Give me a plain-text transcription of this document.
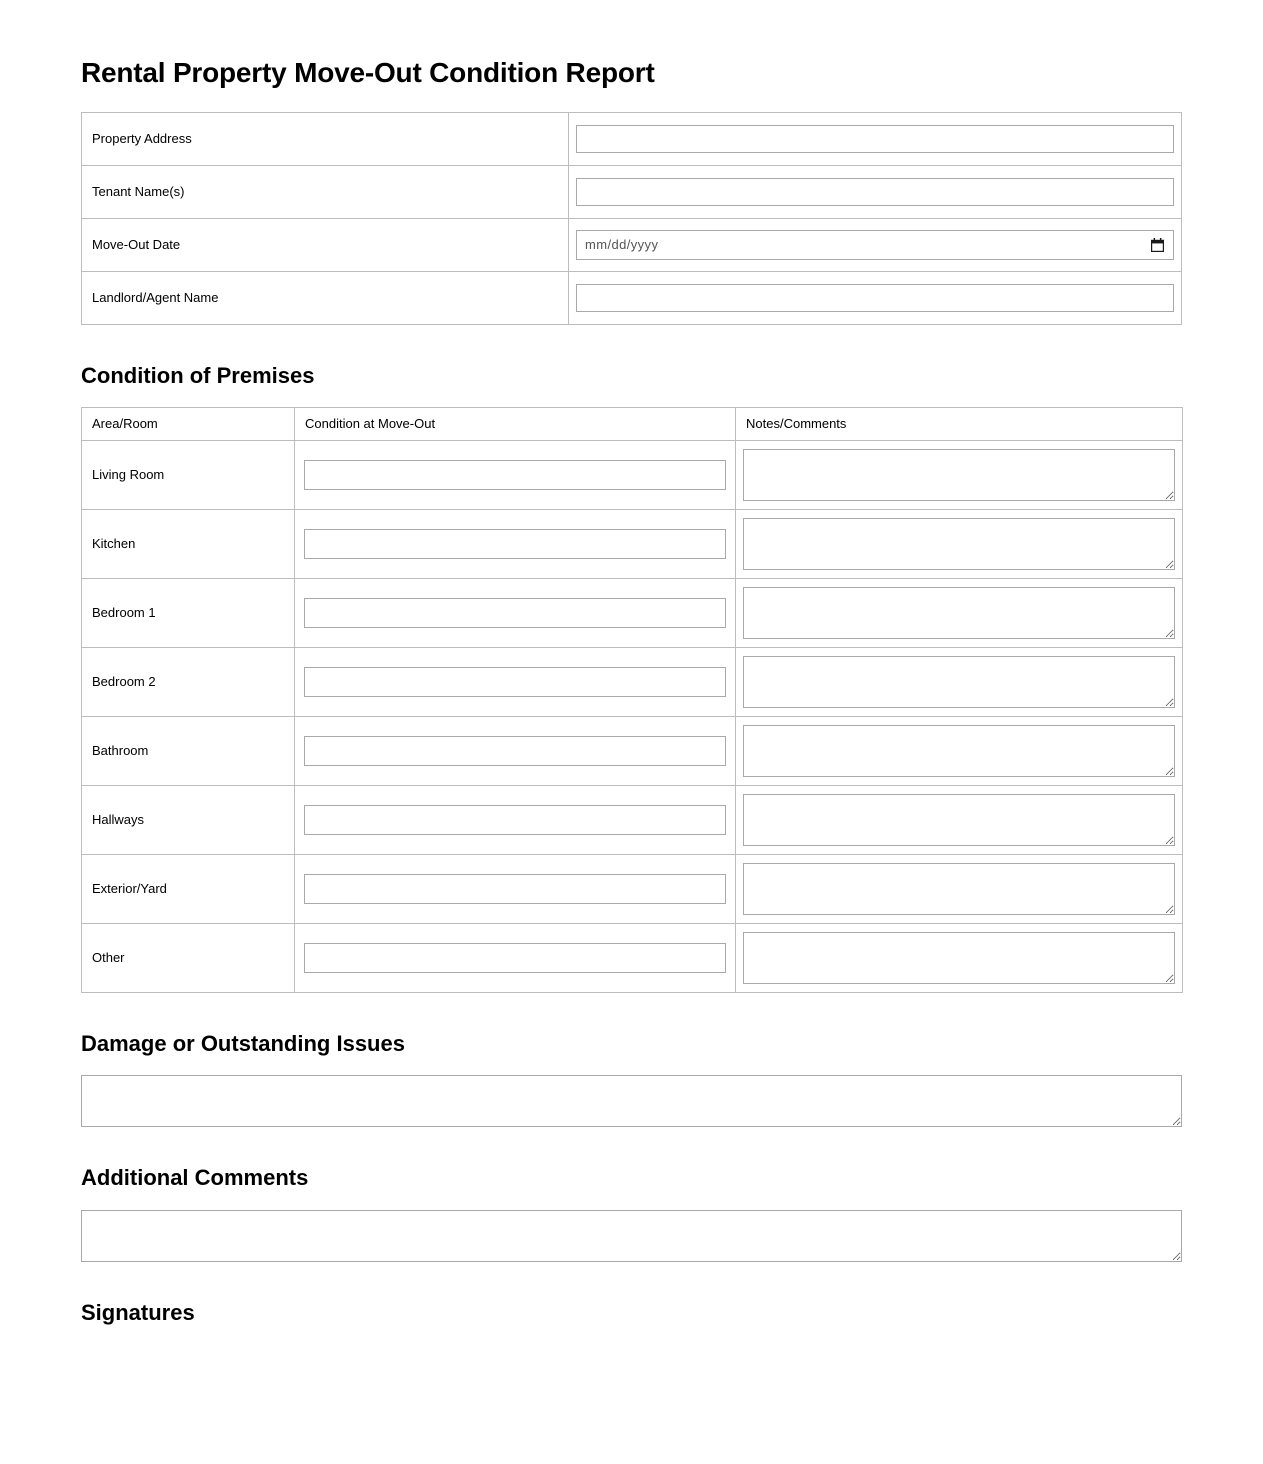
Rental Property Move-Out Condition Report
Property Address	
Tenant Name(s)	
Move-Out Date	mm/dd/yyyy

Landlord/Agent Name	
Condition of Premises
Area/Room	Condition at Move-Out	Notes/Comments
Living Room		

Kitchen		

Bedroom 1		

Bedroom 2		

Bathroom		

Hallways		

Exterior/Yard		

Other		
Damage or Outstanding Issues
Additional Comments
Signatures
